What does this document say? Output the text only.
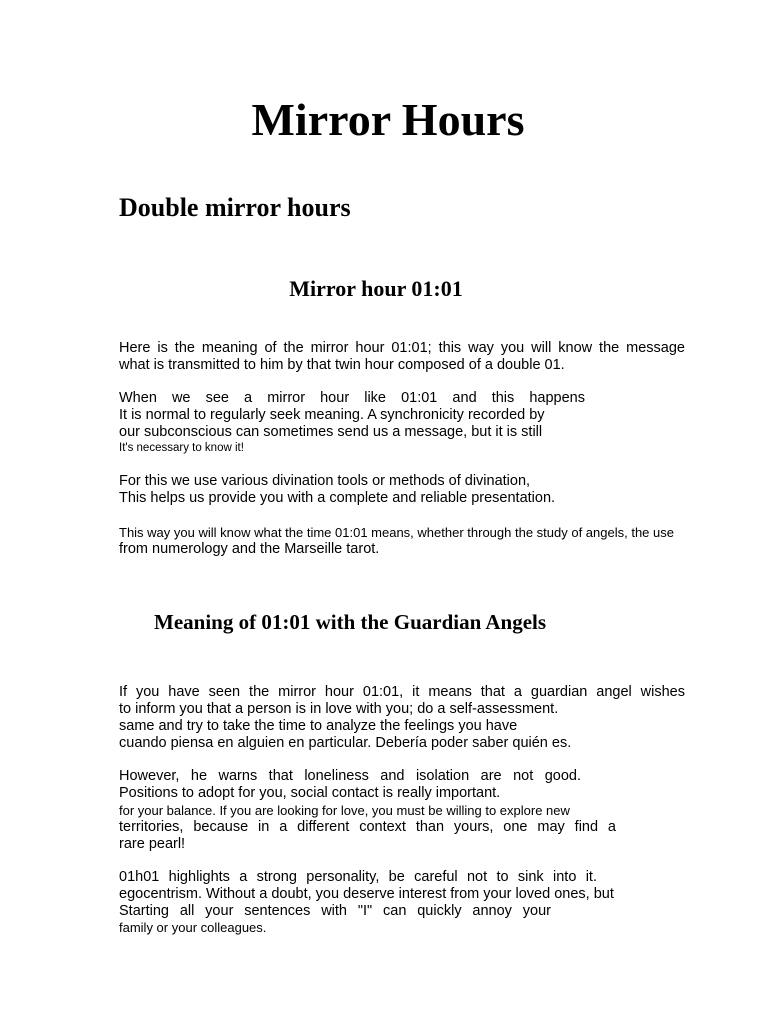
Mirror Hours
Double mirror hours
Mirror hour 01:01
Here is the meaning of the mirror hour 01:01; this way you will know the message
what is transmitted to him by that twin hour composed of a double 01.
When we see a mirror hour like 01:01 and this happens
It is normal to regularly seek meaning. A synchronicity recorded by
our subconscious can sometimes send us a message, but it is still
It's necessary to know it!
For this we use various divination tools or methods of divination,
This helps us provide you with a complete and reliable presentation.
This way you will know what the time 01:01 means, whether through the study of angels, the use
from numerology and the Marseille tarot.
Meaning of 01:01 with the Guardian Angels
If you have seen the mirror hour 01:01, it means that a guardian angel wishes
to inform you that a person is in love with you; do a self-assessment.
same and try to take the time to analyze the feelings you have
cuando piensa en alguien en particular. Debería poder saber quién es.
However, he warns that loneliness and isolation are not good.
Positions to adopt for you, social contact is really important.
for your balance. If you are looking for love, you must be willing to explore new
territories, because in a different context than yours, one may find a
rare pearl!
01h01 highlights a strong personality, be careful not to sink into it.
egocentrism. Without a doubt, you deserve interest from your loved ones, but
Starting all your sentences with "I" can quickly annoy your
family or your colleagues.
